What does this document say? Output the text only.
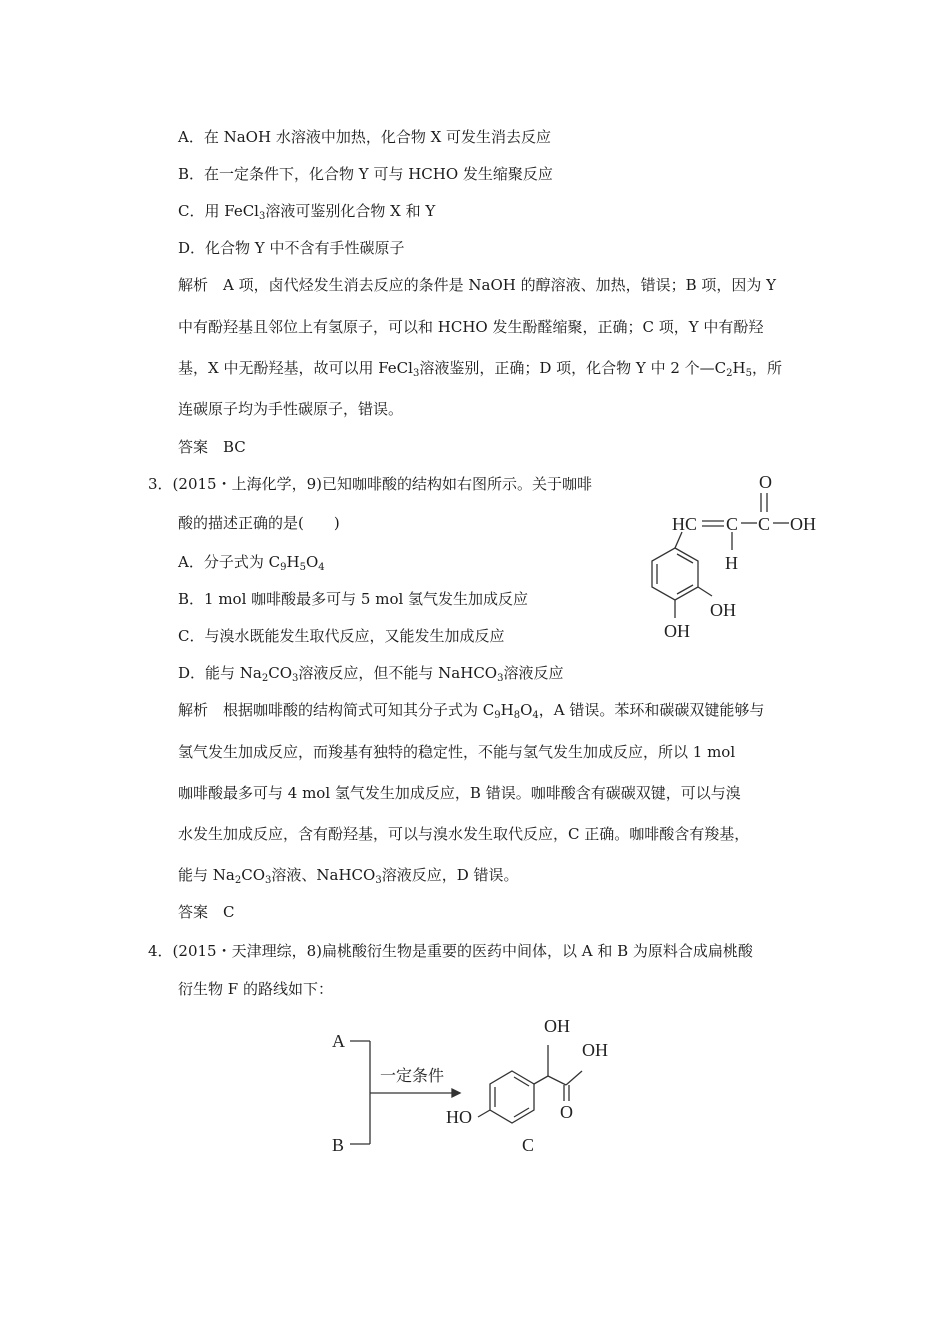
A．在 NaOH 水溶液中加热，化合物 X 可发生消去反应
B．在一定条件下，化合物 Y 可与 HCHO 发生缩聚反应
C．用 FeCl$_3$溶液可鉴别化合物 X 和 Y
D．化合物 Y 中不含有手性碳原子
解析　A 项，卤代烃发生消去反应的条件是 NaOH 的醇溶液、加热，错误；B 项，因为 Y
中有酚羟基且邻位上有氢原子，可以和 HCHO 发生酚醛缩聚，正确；C 项，Y 中有酚羟
基，X 中无酚羟基，故可以用 FeCl$_3$溶液鉴别，正确；D 项，化合物 Y 中 2 个$—C_2H_5$，所
连碳原子均为手性碳原子，错误。
答案　BC
3．(2015・上海化学，9)已知咖啡酸的结构如右图所示。关于咖啡
酸的描述正确的是(　　)
A．分子式为 $C_9H_5O_4$
B．1 mol 咖啡酸最多可与 5 mol 氢气发生加成反应
C．与溴水既能发生取代反应，又能发生加成反应
D．能与 $Na_2CO_3$溶液反应，但不能与 NaHCO$_3$溶液反应
解析　根据咖啡酸的结构简式可知其分子式为 $C_9H_8O_4$，A 错误。苯环和碳碳双键能够与
氢气发生加成反应，而羧基有独特的稳定性，不能与氢气发生加成反应，所以 1 mol
咖啡酸最多可与 4 mol 氢气发生加成反应，B 错误。咖啡酸含有碳碳双键，可以与溴
水发生加成反应，含有酚羟基，可以与溴水发生取代反应，C 正确。咖啡酸含有羧基，
能与 $Na_2CO_3$溶液、NaHCO$_3$溶液反应，D 错误。
答案　C
O
HC C C OH
H
OH
OH
4．(2015・天津理综，8)扁桃酸衍生物是重要的医药中间体，以 A 和 B 为原料合成扁桃酸
衍生物 F 的路线如下：
A
B
一定条件
HO
OH
OH
O
C
